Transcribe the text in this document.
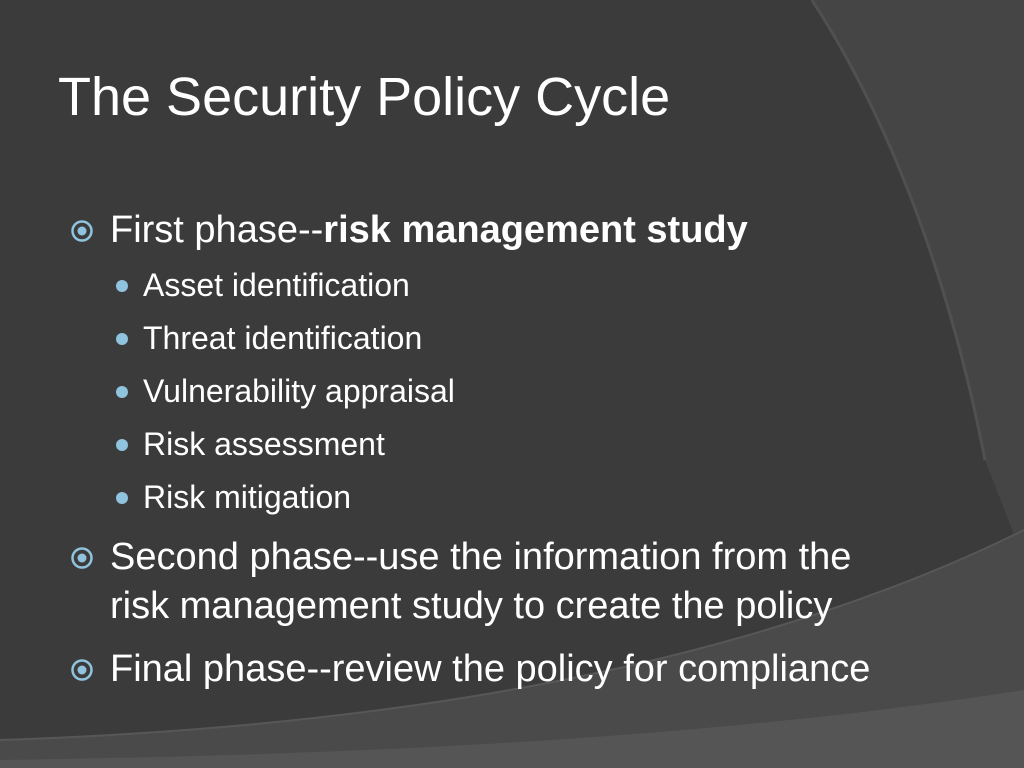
The Security Policy Cycle
First phase--risk management study
Asset identification
Threat identification
Vulnerability appraisal
Risk assessment
Risk mitigation
Second phase--use the information from the
risk management study to create the policy
Final phase--review the policy for compliance
